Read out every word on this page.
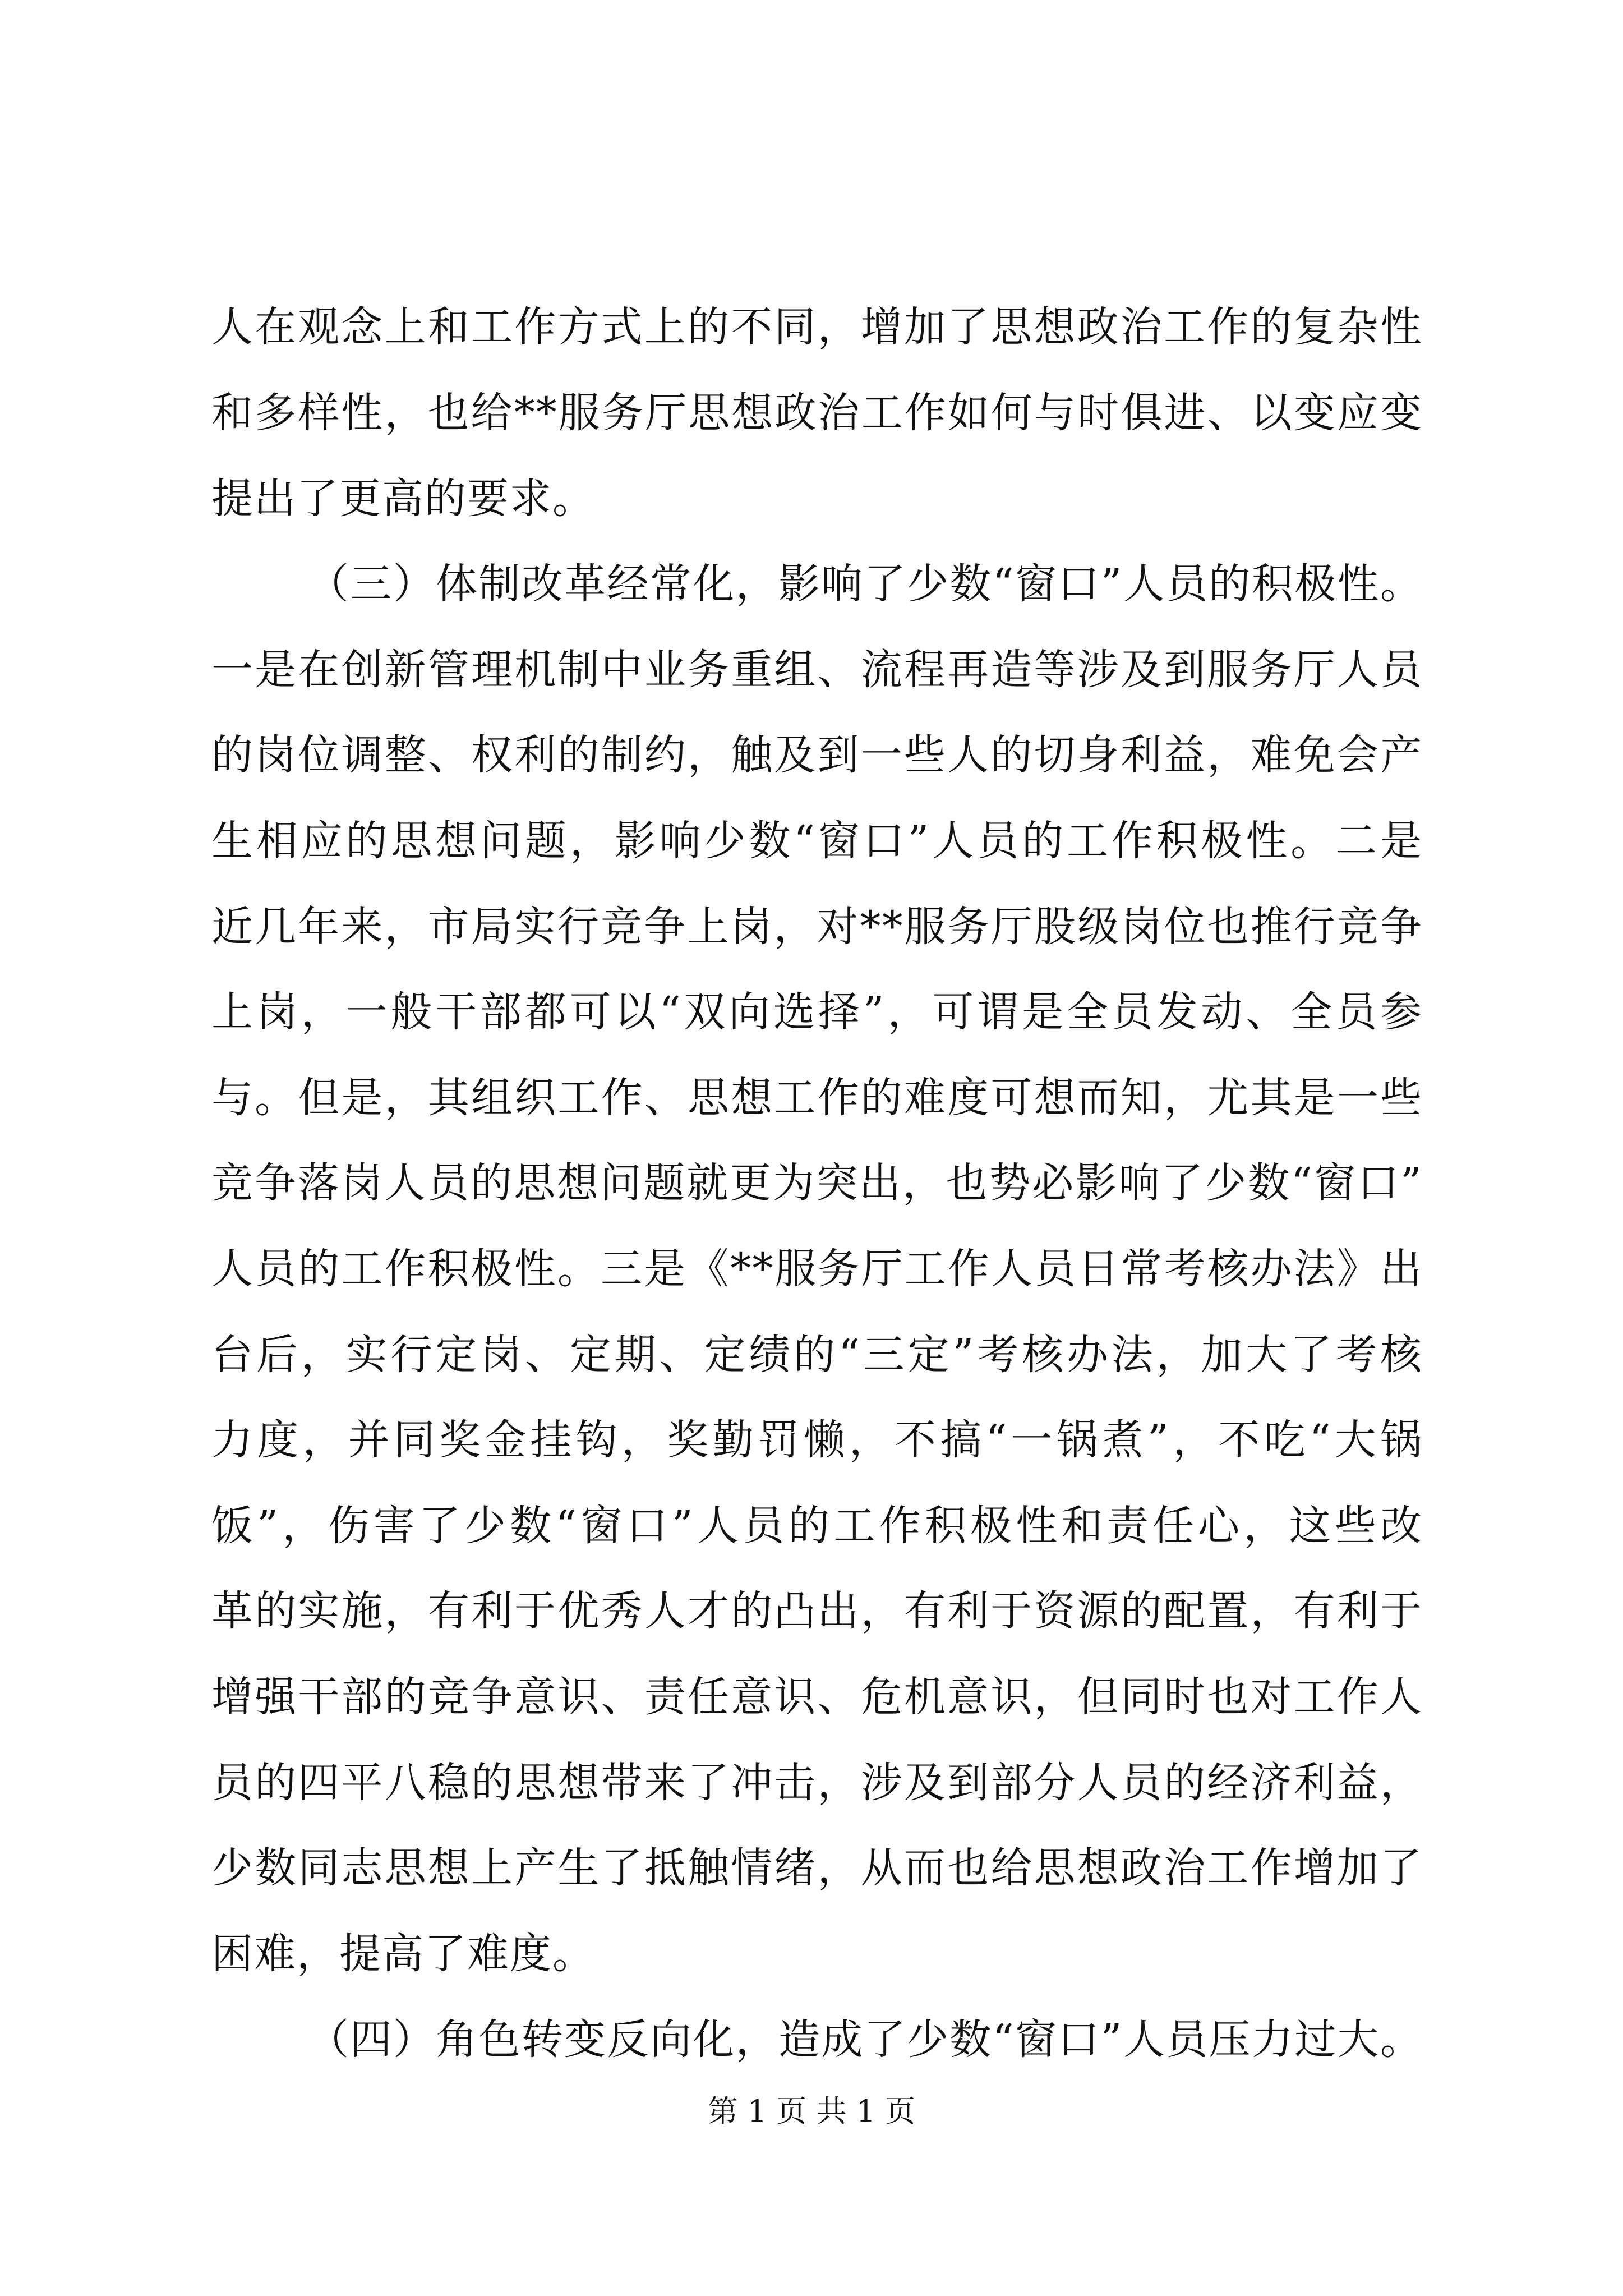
人在观念上和工作方式上的不同，增加了思想政治工作的复杂性
和多样性，也给**服务厅思想政治工作如何与时俱进、以变应变
提出了更高的要求。
（三）体制改革经常化，影响了少数“窗口”人员的积极性。
一是在创新管理机制中业务重组、流程再造等涉及到服务厅人员
的岗位调整、权利的制约，触及到一些人的切身利益，难免会产
生相应的思想问题，影响少数“窗口”人员的工作积极性。二是
近几年来，市局实行竞争上岗，对**服务厅股级岗位也推行竞争
上岗，一般干部都可以“双向选择”，可谓是全员发动、全员参
与。但是，其组织工作、思想工作的难度可想而知，尤其是一些
竞争落岗人员的思想问题就更为突出，也势必影响了少数“窗口”
人员的工作积极性。三是《**服务厅工作人员日常考核办法》出
台后，实行定岗、定期、定绩的“三定”考核办法，加大了考核
力度，并同奖金挂钩，奖勤罚懒，不搞“一锅煮”，不吃“大锅
饭”，伤害了少数“窗口”人员的工作积极性和责任心，这些改
革的实施，有利于优秀人才的凸出，有利于资源的配置，有利于
增强干部的竞争意识、责任意识、危机意识，但同时也对工作人
员的四平八稳的思想带来了冲击，涉及到部分人员的经济利益，
少数同志思想上产生了抵触情绪，从而也给思想政治工作增加了
困难，提高了难度。
（四）角色转变反向化，造成了少数“窗口”人员压力过大。
第 1 页 共 1 页
